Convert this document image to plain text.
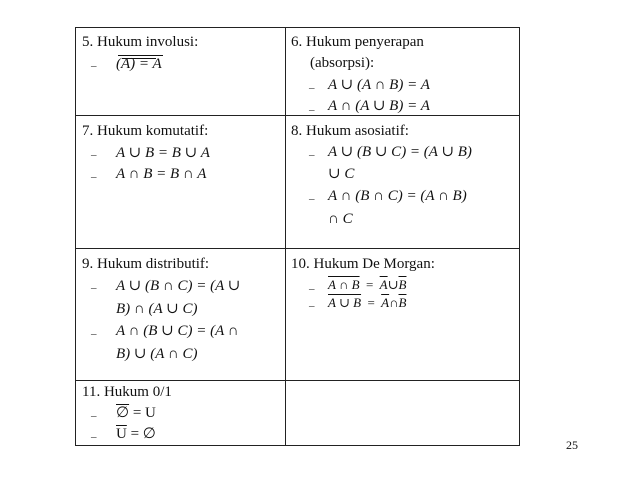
5. Hukum involusi:
– (A) = A
6. Hukum penyerapan
(absorpsi):
– A ∪ (A ∩ B) = A
– A ∩ (A ∪ B) = A
7. Hukum komutatif:
– A ∪ B = B ∪ A
– A ∩ B = B ∩ A
8. Hukum asosiatif:
– A ∪ (B ∪ C) = (A ∪ B)
∪ C
– A ∩ (B ∩ C) = (A ∩ B)
∩ C
9. Hukum distributif:
– A ∪ (B ∩ C) = (A ∪
B) ∩ (A ∪ C)
– A ∩ (B ∪ C) = (A ∩
B) ∪ (A ∩ C)
10. Hukum De Morgan:
– A ∩ $B = \overline{A}\cup\overline{B}$
– A ∪ $B = \overline{A}\cap\overline{B}$
11. Hukum 0/1
– ∅ = U
– $\overline{U}$ = ∅
25
